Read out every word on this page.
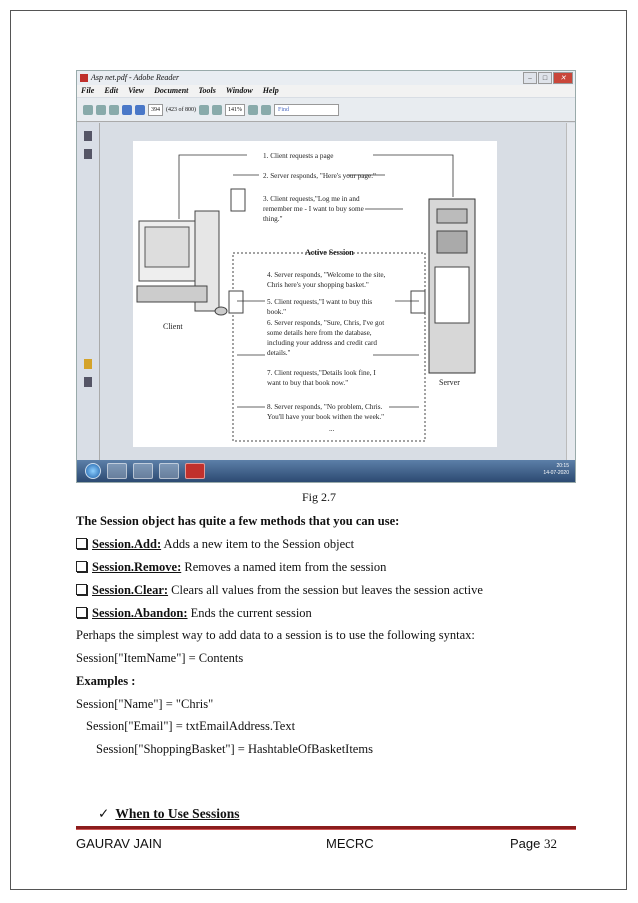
Asp net.pdf - Adobe Reader	–	□	✕
File Edit View Document Tools Window Help
394	(423 of 800)	141%	Find
Client
Server
Active Session
1. Client requests a page
2. Server responds, "Here's your page."
3. Client requests,"Log me in and
remember me - I want to buy some
thing."
4. Server responds, "Welcome to the site,
Chris here's your shopping basket."
5. Client requests,"I want to buy this
book."
6. Server responds, "Sure, Chris, I've got
some details here from the database,
including your address and credit card
details."
7. Client requests,"Details look fine, I
want to buy that book now."
8. Server responds, "No problem, Chris.
You'll have your book withen the week."
...
20:15
14-07-2020
Fig 2.7
The Session object has quite a few methods that you can use:
Session.Add: Adds a new item to the Session object
Session.Remove: Removes a named item from the session
Session.Clear: Clears all values from the session but leaves the session active
Session.Abandon: Ends the current session
Perhaps the simplest way to add data to a session is to use the following syntax:
Session["ItemName"] = Contents
Examples :
Session["Name"] = "Chris"
Session["Email"] = txtEmailAddress.Text
Session["ShoppingBasket"] = HashtableOfBasketItems
✓ When to Use Sessions
GAURAV JAIN	MECRC	Page 32
